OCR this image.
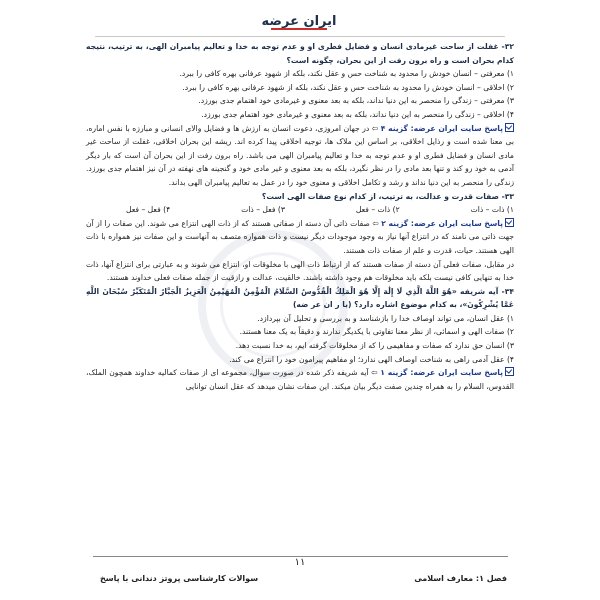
ایران عرضه

۳۲- غفلت از ساحت غیرمادی انسان و فضایل فطری او و عدم توجه به خدا و تعالیم پیامبران الهی، به ترتیب، نتیجه کدام بحران است و راه برون رفت از این بحران، چگونه است؟

۱) معرفتی – انسان خودش را محدود به شناخت حس و عقل نکند، بلکه از شهود عرفانی بهره کافی را ببرد.

۲) اخلاقی – انسان خودش را محدود به شناخت حس و عقل نکند، بلکه از شهود عرفانی بهره کافی را ببرد.

۳) معرفتی – زندگی را منحصر به این دنیا نداند، بلکه به بعد معنوی و غیرمادی خود اهتمام جدی بورزد.

۴) اخلاقی – زندگی را منحصر به این دنیا نداند، بلکه به بعد معنوی و غیرمادی خود اهتمام جدی بورزد.

پاسخ سایت ایران عرضه: گزینه ۴ ⇦ در جهان امروزی، دعوت انسان به ارزش ها و فضایل والای انسانی و مبارزه با نفس اماره، بی معنا شده است و رذایل اخلاقی، بر اساس این ملاک ها، توجیه اخلاقی پیدا کرده اند. ریشه این بحران اخلاقی، غفلت از ساحت غیر مادی انسان و فضایل فطری او و عدم توجه به خدا و تعالیم پیامبران الهی می باشد. راه برون رفت از این بحران آن است که بار دیگر آدمی به خود رو کند و تنها بعد مادی را در نظر نگیرد، بلکه به بعد معنوی و غیر مادی خود و گنجینه های نهفته در آن نیز اهتمام جدی بورزد. زندگی را منحصر به این دنیا نداند و رشد و تکامل اخلاقی و معنوی خود را در عمل به تعالیم پیامبران الهی بداند.

۳۳- صفات قدرت و عدالت، به ترتیب، از کدام نوع صفات الهی است؟

۱) ذات – ذات
۲) ذات – فعل
۳) فعل – ذات
۴) فعل – فعل

پاسخ سایت ایران عرضه: گزینه ۲ ⇦ صفات ذاتی آن دسته از صفاتی هستند که از ذات الهی انتزاع می شوند. این صفات را از آن جهت ذاتی می نامند که در انتزاع آنها نیاز به وجود موجودات دیگر نیست و ذات همواره متصف به آنهاست و این صفات نیز همواره با ذات الهی هستند. حیات، قدرت و علم از صفات ذات هستند.

در مقابل، صفات فعلی آن دسته از صفات هستند که از ارتباط ذات الهی با مخلوقات او، انتزاع می شوند و به عبارتی برای انتزاع آنها، ذات خدا به تنهایی کافی نیست بلکه باید مخلوقات هم وجود داشته باشند. خالقیت، عدالت و رازقیت از جمله صفات فعلی خداوند هستند.

۳۴- آیه شریفه «هُوَ اللَّهُ الَّذِي لَا إِلَٰهَ إِلَّا هُوَ الْمَلِكُ الْقُدُّوسُ السَّلَامُ الْمُؤْمِنُ الْمُهَيْمِنُ الْعَزِيزُ الْجَبَّارُ الْمُتَكَبِّرُ سُبْحَانَ اللَّهِ عَمَّا يُشْرِكُونَ»، به کدام موضوع اشاره دارد؟ (با ر ان عر ضه)

۱) عقل انسان، می تواند اوصاف خدا را بازشناسد و به بررسی و تحلیل آن بپردازد.

۲) صفات الهی و اسمائی، از نظر معنا تفاوتی با یکدیگر ندارند و دقیقاً به یک معنا هستند.

۳) انسان حق ندارد که صفات و مفاهیمی را که از مخلوقات گرفته ایم، به خدا نسبت دهد.

۴) عقل آدمی راهی به شناخت اوصاف الهی ندارد؛ او مفاهیم پیرامون خود را انتزاع می کند.

پاسخ سایت ایران عرضه: گزینه ۱ ⇦ آیه شریفه ذکر شده در صورت سوال، مجموعه ای از صفات کمالیه خداوند همچون الملک، القدوس، السلام را به همراه چندین صفت دیگر بیان میکند. این صفات نشان میدهد که عقل انسان توانایی

۱۱
فصل ۱: معارف اسلامی
سوالات کارشناسی پروتز دندانی با پاسخ
